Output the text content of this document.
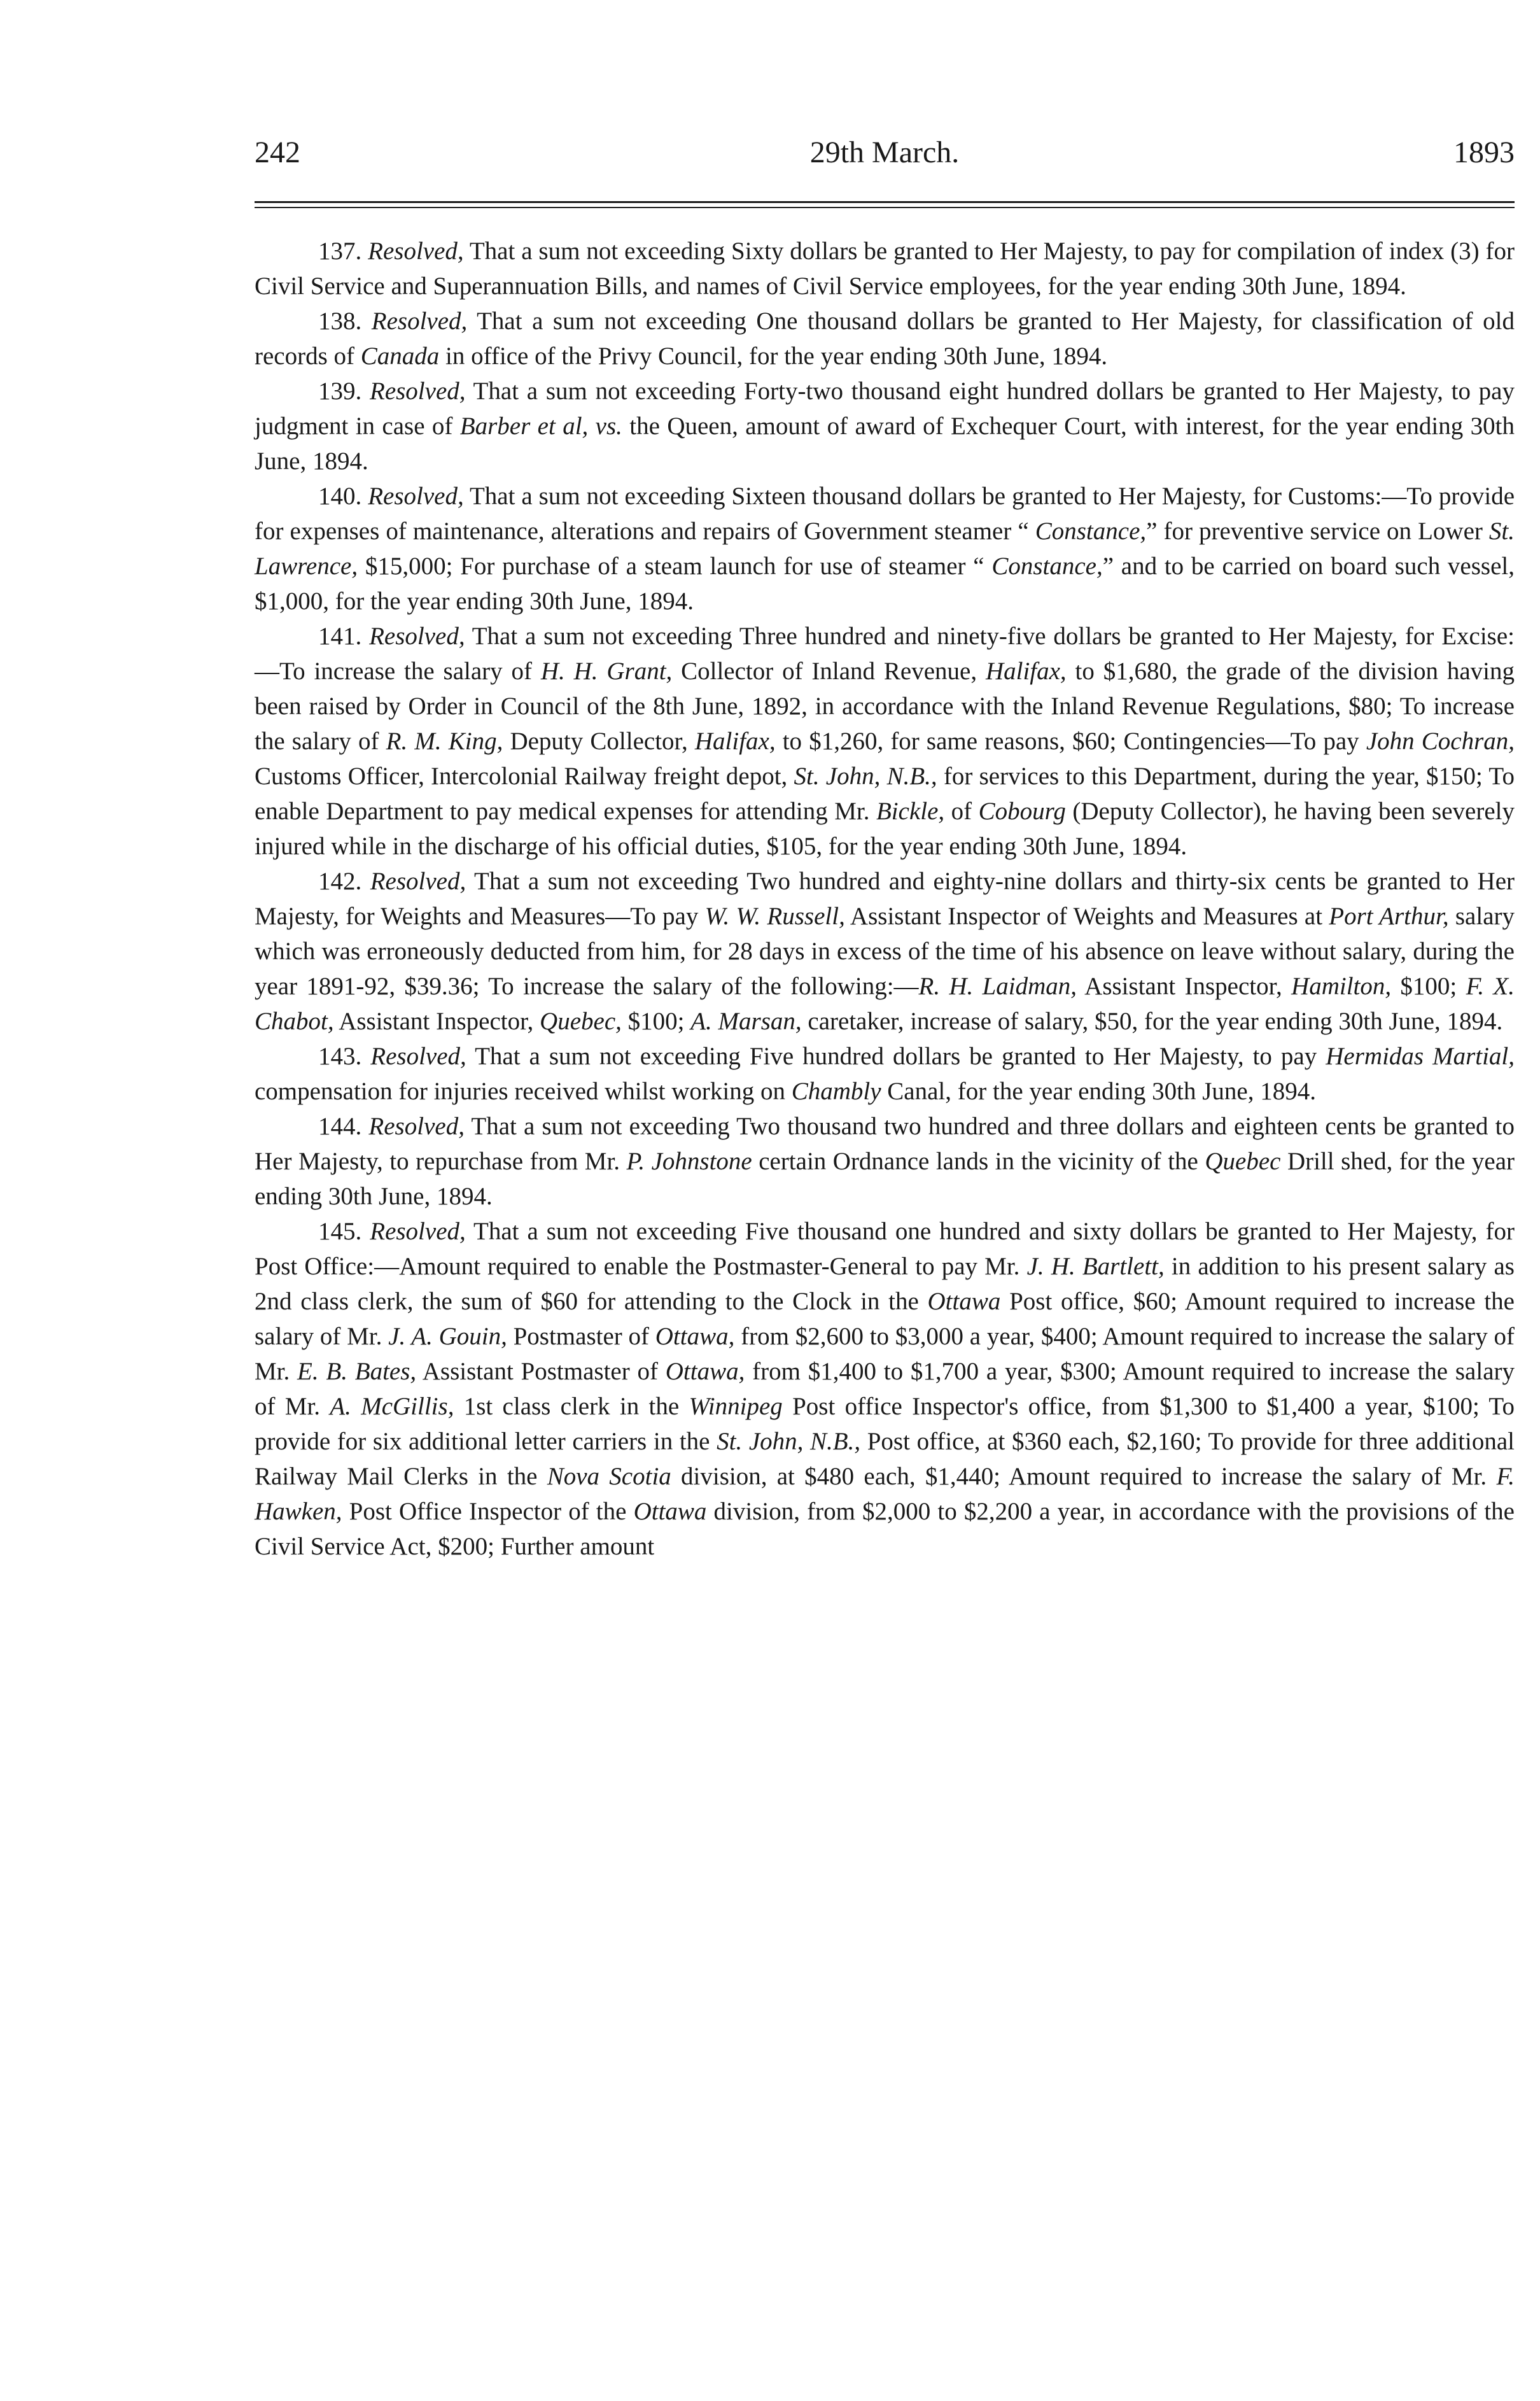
242	29th March.	1893

137. Resolved, That a sum not exceeding Sixty dollars be granted to Her Majesty, to pay for compilation of index (3) for Civil Service and Superannuation Bills, and names of Civil Service employees, for the year ending 30th June, 1894.

138. Resolved, That a sum not exceeding One thousand dollars be granted to Her Majesty, for classification of old records of Canada in office of the Privy Council, for the year ending 30th June, 1894.

139. Resolved, That a sum not exceeding Forty-two thousand eight hundred dollars be granted to Her Majesty, to pay judgment in case of Barber et al, vs. the Queen, amount of award of Exchequer Court, with interest, for the year ending 30th June, 1894.

140. Resolved, That a sum not exceeding Sixteen thousand dollars be granted to Her Majesty, for Customs:—To provide for expenses of maintenance, alterations and repairs of Government steamer “ Constance,” for preventive service on Lower St. Lawrence, $15,000; For purchase of a steam launch for use of steamer “ Constance,” and to be carried on board such vessel, $1,000, for the year ending 30th June, 1894.

141. Resolved, That a sum not exceeding Three hundred and ninety-five dollars be granted to Her Majesty, for Excise:—To increase the salary of H. H. Grant, Collector of Inland Revenue, Halifax, to $1,680, the grade of the division having been raised by Order in Council of the 8th June, 1892, in accordance with the Inland Revenue Regulations, $80; To increase the salary of R. M. King, Deputy Collector, Halifax, to $1,260, for same reasons, $60; Contingencies—To pay John Cochran, Customs Officer, Intercolonial Railway freight depot, St. John, N.B., for services to this Department, during the year, $150; To enable Department to pay medical expenses for attending Mr. Bickle, of Cobourg (Deputy Collector), he having been severely injured while in the discharge of his official duties, $105, for the year ending 30th June, 1894.

142. Resolved, That a sum not exceeding Two hundred and eighty-nine dollars and thirty-six cents be granted to Her Majesty, for Weights and Measures—To pay W. W. Russell, Assistant Inspector of Weights and Measures at Port Arthur, salary which was erroneously deducted from him, for 28 days in excess of the time of his absence on leave without salary, during the year 1891-92, $39.36; To increase the salary of the following:—R. H. Laidman, Assistant Inspector, Hamilton, $100; F. X. Chabot, Assistant Inspector, Quebec, $100; A. Marsan, caretaker, increase of salary, $50, for the year ending 30th June, 1894.

143. Resolved, That a sum not exceeding Five hundred dollars be granted to Her Majesty, to pay Hermidas Martial, compensation for injuries received whilst working on Chambly Canal, for the year ending 30th June, 1894.

144. Resolved, That a sum not exceeding Two thousand two hundred and three dollars and eighteen cents be granted to Her Majesty, to repurchase from Mr. P. Johnstone certain Ordnance lands in the vicinity of the Quebec Drill shed, for the year ending 30th June, 1894.

145. Resolved, That a sum not exceeding Five thousand one hundred and sixty dollars be granted to Her Majesty, for Post Office:—Amount required to enable the Postmaster-General to pay Mr. J. H. Bartlett, in addition to his present salary as 2nd class clerk, the sum of $60 for attending to the Clock in the Ottawa Post office, $60; Amount required to increase the salary of Mr. J. A. Gouin, Postmaster of Ottawa, from $2,600 to $3,000 a year, $400; Amount required to increase the salary of Mr. E. B. Bates, Assistant Postmaster of Ottawa, from $1,400 to $1,700 a year, $300; Amount required to increase the salary of Mr. A. McGillis, 1st class clerk in the Winnipeg Post office Inspector's office, from $1,300 to $1,400 a year, $100; To provide for six additional letter carriers in the St. John, N.B., Post office, at $360 each, $2,160; To provide for three additional Railway Mail Clerks in the Nova Scotia division, at $480 each, $1,440; Amount required to increase the salary of Mr. F. Hawken, Post Office Inspector of the Ottawa division, from $2,000 to $2,200 a year, in accordance with the provisions of the Civil Service Act, $200; Further amount
